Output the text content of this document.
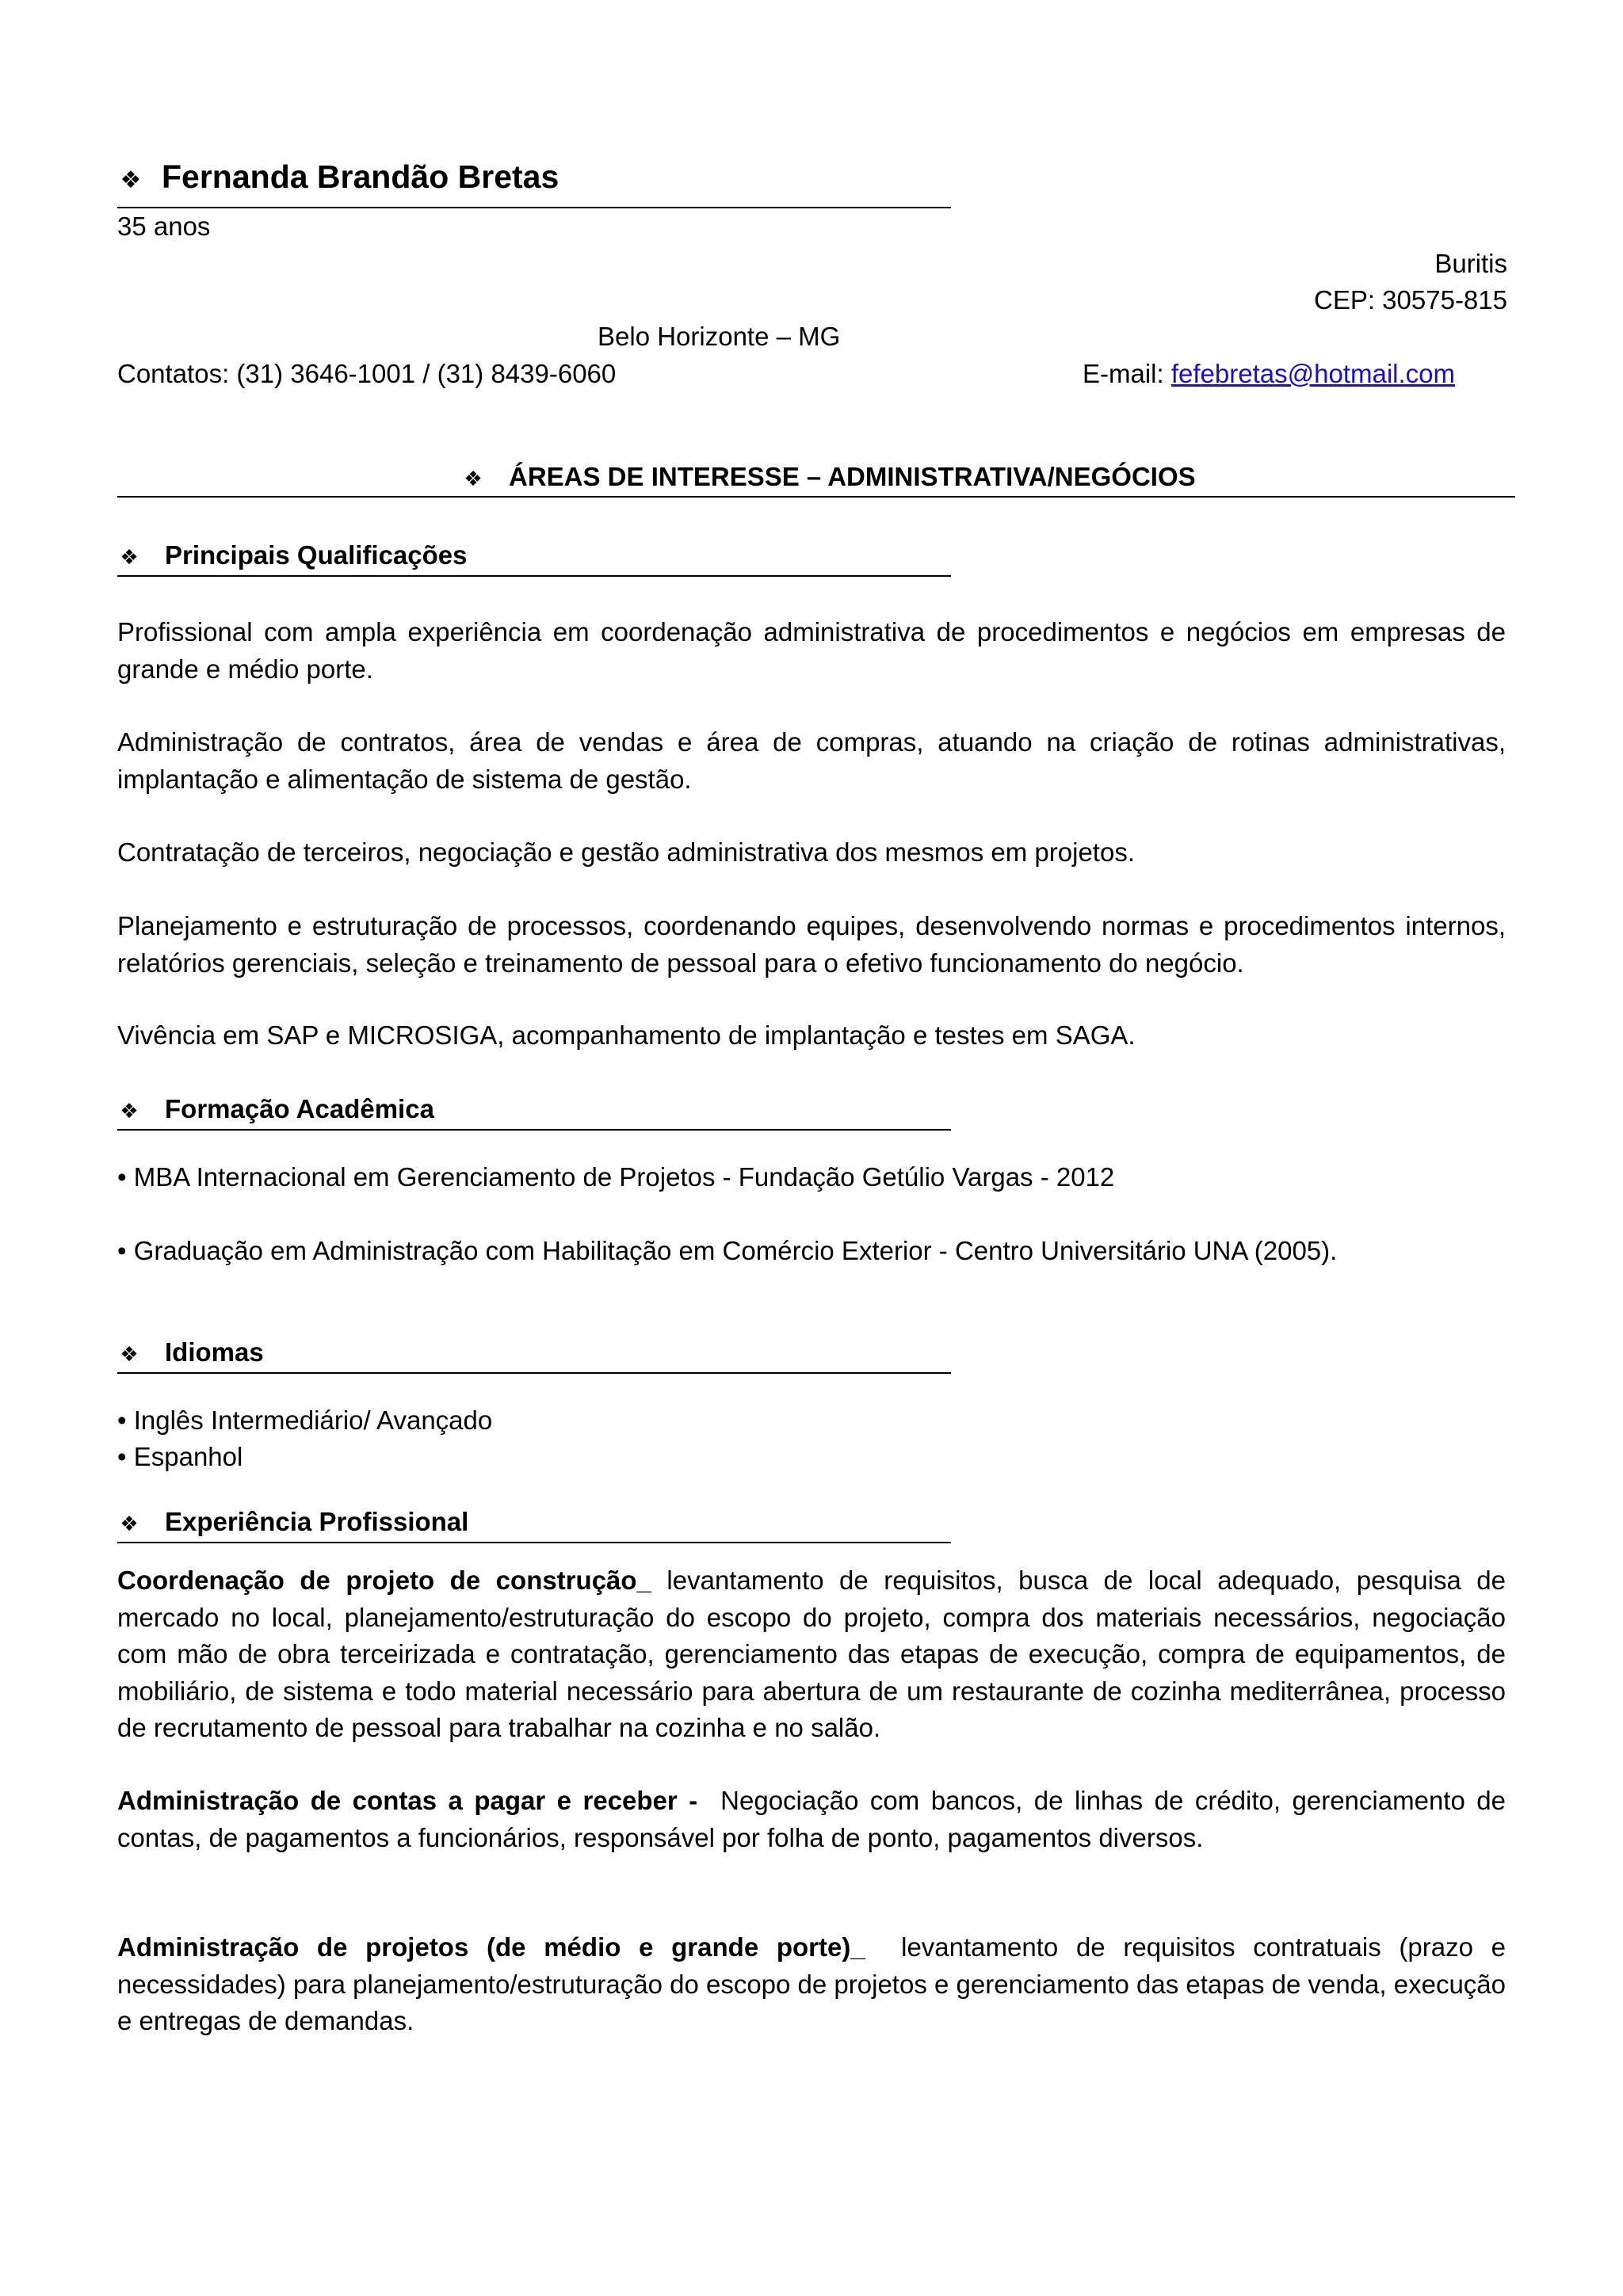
❖ Fernanda Brandão Bretas
35 anos
Buritis
CEP: 30575-815
Belo Horizonte – MG
Contatos: (31) 3646-1001 / (31) 8439-6060	E-mail: fefebretas@hotmail.com
❖ ÁREAS DE INTERESSE – ADMINISTRATIVA/NEGÓCIOS
❖ Principais Qualificações
Profissional com ampla experiência em coordenação administrativa de procedimentos e negócios em empresas de grande e médio porte.
Administração de contratos, área de vendas e área de compras, atuando na criação de rotinas administrativas, implantação e alimentação de sistema de gestão.
Contratação de terceiros, negociação e gestão administrativa dos mesmos em projetos.
Planejamento e estruturação de processos, coordenando equipes, desenvolvendo normas e procedimentos internos, relatórios gerenciais, seleção e treinamento de pessoal para o efetivo funcionamento do negócio.
Vivência em SAP e MICROSIGA, acompanhamento de implantação e testes em SAGA.
❖ Formação Acadêmica
• MBA Internacional em Gerenciamento de Projetos - Fundação Getúlio Vargas - 2012
• Graduação em Administração com Habilitação em Comércio Exterior - Centro Universitário UNA (2005).
❖ Idiomas
• Inglês Intermediário/ Avançado
• Espanhol
❖ Experiência Profissional
Coordenação de projeto de construção_ levantamento de requisitos, busca de local adequado, pesquisa de mercado no local, planejamento/estruturação do escopo do projeto, compra dos materiais necessários, negociação com mão de obra terceirizada e contratação, gerenciamento das etapas de execução, compra de equipamentos, de mobiliário, de sistema e todo material necessário para abertura de um restaurante de cozinha mediterrânea, processo de recrutamento de pessoal para trabalhar na cozinha e no salão.
Administração de contas a pagar e receber -  Negociação com bancos, de linhas de crédito, gerenciamento de contas, de pagamentos a funcionários, responsável por folha de ponto, pagamentos diversos.
Administração de projetos (de médio e grande porte)_  levantamento de requisitos contratuais (prazo e necessidades) para planejamento/estruturação do escopo de projetos e gerenciamento das etapas de venda, execução e entregas de demandas.
